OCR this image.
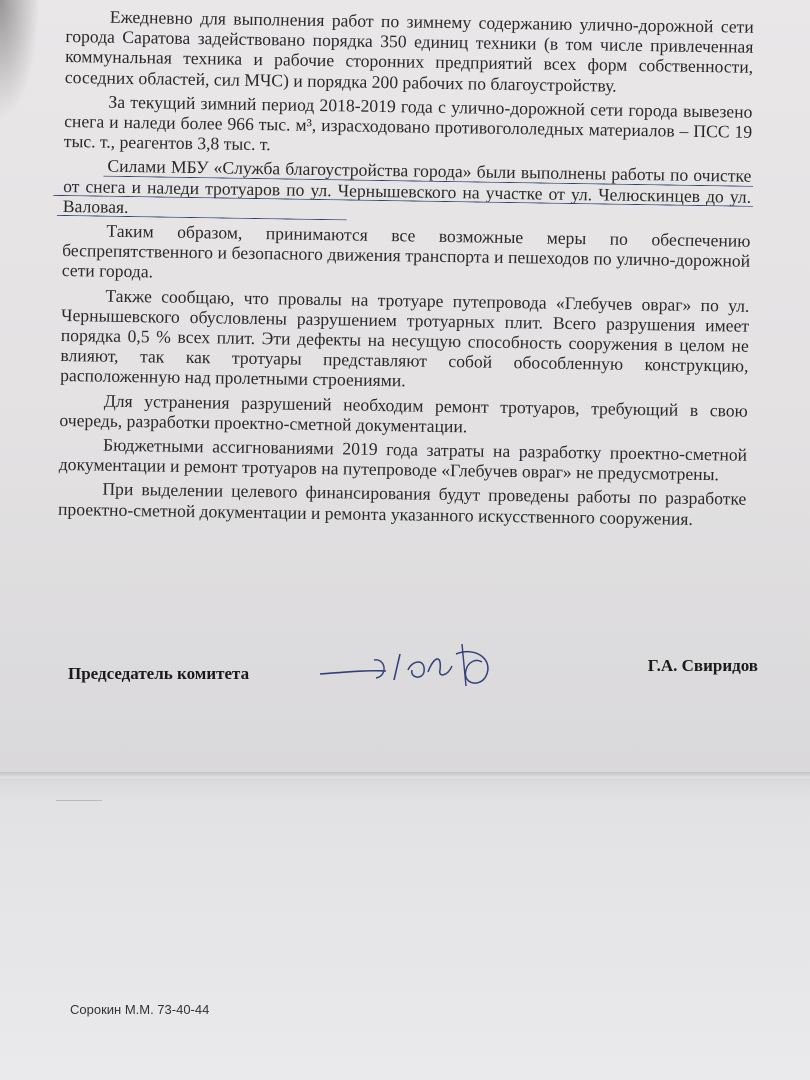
Ежедневно для выполнения работ по зимнему содержанию улично-дорожной сети города Саратова задействовано порядка 350 единиц техники (в том числе привлеченная коммунальная техника и рабочие сторонних предприятий всех форм собственности, соседних областей, сил МЧС) и порядка 200 рабочих по благоустройству.

За текущий зимний период 2018-2019 года с улично-дорожной сети города вывезено снега и наледи более 966 тыс. м³, израсходовано противогололедных материалов – ПСС 19 тыс. т., реагентов 3,8 тыс. т.

Силами МБУ «Служба благоустройства города» были выполнены работы по очистке от снега и наледи тротуаров по ул. Чернышевского на участке от ул. Челюскинцев до ул. Валовая.

Таким образом, принимаются все возможные меры по обеспечению беспрепятственного и безопасного движения транспорта и пешеходов по улично-дорожной сети города.

Также сообщаю, что провалы на тротуаре путепровода «Глебучев овраг» по ул. Чернышевского обусловлены разрушением тротуарных плит. Всего разрушения имеет порядка 0,5 % всех плит. Эти дефекты на несущую способность сооружения в целом не влияют, так как тротуары представляют собой обособленную конструкцию, расположенную над пролетными строениями.

Для устранения разрушений необходим ремонт тротуаров, требующий в свою очередь, разработки проектно-сметной документации.

Бюджетными ассигнованиями 2019 года затраты на разработку проектно-сметной документации и ремонт тротуаров на путепроводе «Глебучев овраг» не предусмотрены.

При выделении целевого финансирования будут проведены работы по разработке проектно-сметной документации и ремонта указанного искусственного сооружения.

Председатель комитета	Г.А. Свиридов
Сорокин М.М. 73-40-44
